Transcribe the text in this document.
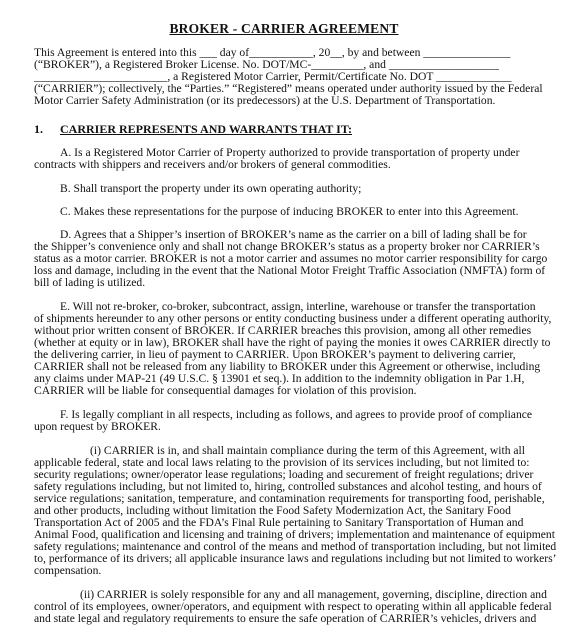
BROKER - CARRIER AGREEMENT
This Agreement is entered into this ___ day of___________, 20__, by and between _______________
(“BROKER”), a Registered Broker License. No. DOT/MC-_________, and ___________________
_______________________, a Registered Motor Carrier, Permit/Certificate No. DOT _____________
(“CARRIER”); collectively, the “Parties.” “Registered” means operated under authority issued by the Federal
Motor Carrier Safety Administration (or its predecessors) at the U.S. Department of Transportation.
1. CARRIER REPRESENTS AND WARRANTS THAT IT:
A. Is a Registered Motor Carrier of Property authorized to provide transportation of property under
contracts with shippers and receivers and/or brokers of general commodities.
B. Shall transport the property under its own operating authority;
C. Makes these representations for the purpose of inducing BROKER to enter into this Agreement.
D. Agrees that a Shipper’s insertion of BROKER’s name as the carrier on a bill of lading shall be for
the Shipper’s convenience only and shall not change BROKER’s status as a property broker nor CARRIER’s
status as a motor carrier. BROKER is not a motor carrier and assumes no motor carrier responsibility for cargo
loss and damage, including in the event that the National Motor Freight Traffic Association (NMFTA) form of
bill of lading is utilized.
E. Will not re-broker, co-broker, subcontract, assign, interline, warehouse or transfer the transportation
of shipments hereunder to any other persons or entity conducting business under a different operating authority,
without prior written consent of BROKER. If CARRIER breaches this provision, among all other remedies
(whether at equity or in law), BROKER shall have the right of paying the monies it owes CARRIER directly to
the delivering carrier, in lieu of payment to CARRIER. Upon BROKER’s payment to delivering carrier,
CARRIER shall not be released from any liability to BROKER under this Agreement or otherwise, including
any claims under MAP-21 (49 U.S.C. § 13901 et seq.). In addition to the indemnity obligation in Par 1.H,
CARRIER will be liable for consequential damages for violation of this provision.
F. Is legally compliant in all respects, including as follows, and agrees to provide proof of compliance
upon request by BROKER.
(i) CARRIER is in, and shall maintain compliance during the term of this Agreement, with all
applicable federal, state and local laws relating to the provision of its services including, but not limited to:
security regulations; owner/operator lease regulations; loading and securement of freight regulations; driver
safety regulations including, but not limited to, hiring, controlled substances and alcohol testing, and hours of
service regulations; sanitation, temperature, and contamination requirements for transporting food, perishable,
and other products, including without limitation the Food Safety Modernization Act, the Sanitary Food
Transportation Act of 2005 and the FDA’s Final Rule pertaining to Sanitary Transportation of Human and
Animal Food, qualification and licensing and training of drivers; implementation and maintenance of equipment
safety regulations; maintenance and control of the means and method of transportation including, but not limited
to, performance of its drivers; all applicable insurance laws and regulations including but not limited to workers’
compensation.
(ii) CARRIER is solely responsible for any and all management, governing, discipline, direction and
control of its employees, owner/operators, and equipment with respect to operating within all applicable federal
and state legal and regulatory requirements to ensure the safe operation of CARRIER’s vehicles, drivers and
